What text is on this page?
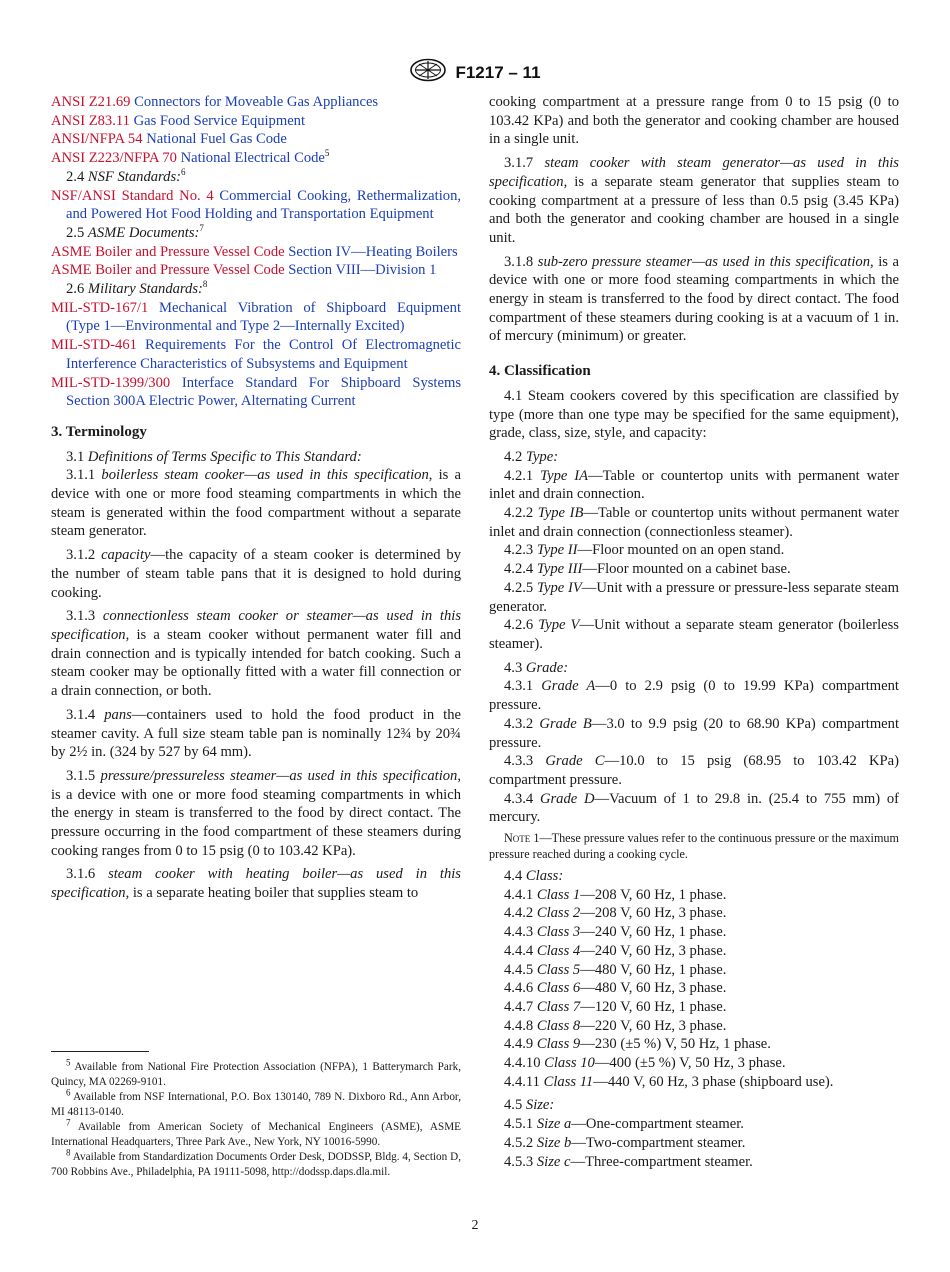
F1217 – 11

ANSI Z21.69 Connectors for Moveable Gas Appliances

ANSI Z83.11 Gas Food Service Equipment

ANSI/NFPA 54 National Fuel Gas Code

ANSI Z223/NFPA 70 National Electrical Code$^5$

2.4 NSF Standards:$^6$

NSF/ANSI Standard No. 4 Commercial Cooking, Rethermalization, and Powered Hot Food Holding and Transportation Equipment

2.5 ASME Documents:$^7$

ASME Boiler and Pressure Vessel Code Section IV—Heating Boilers

ASME Boiler and Pressure Vessel Code Section VIII—Division 1

2.6 Military Standards:$^8$

MIL-STD-167/1 Mechanical Vibration of Shipboard Equipment (Type 1—Environmental and Type 2—Internally Excited)

MIL-STD-461 Requirements For the Control Of Electromagnetic Interference Characteristics of Subsystems and Equipment

MIL-STD-1399/300 Interface Standard For Shipboard Systems Section 300A Electric Power, Alternating Current

3. Terminology

3.1 Definitions of Terms Specific to This Standard:

3.1.1 boilerless steam cooker—as used in this specification, is a device with one or more food steaming compartments in which the steam is generated within the food compartment without a separate steam generator.

3.1.2 capacity—the capacity of a steam cooker is determined by the number of steam table pans that it is designed to hold during cooking.

3.1.3 connectionless steam cooker or steamer—as used in this specification, is a steam cooker without permanent water fill and drain connection and is typically intended for batch cooking. Such a steam cooker may be optionally fitted with a water fill connection or a drain connection, or both.

3.1.4 pans—containers used to hold the food product in the steamer cavity. A full size steam table pan is nominally 12¾ by 20¾ by 2½ in. (324 by 527 by 64 mm).

3.1.5 pressure/pressureless steamer—as used in this specification, is a device with one or more food steaming compartments in which the energy in steam is transferred to the food by direct contact. The pressure occurring in the food compartment of these steamers during cooking ranges from 0 to 15 psig (0 to 103.42 KPa).

3.1.6 steam cooker with heating boiler—as used in this specification, is a separate heating boiler that supplies steam to

$^5$ Available from National Fire Protection Association (NFPA), 1 Batterymarch Park, Quincy, MA 02269-9101.

$^6$ Available from NSF International, P.O. Box 130140, 789 N. Dixboro Rd., Ann Arbor, MI 48113-0140.

$^7$ Available from American Society of Mechanical Engineers (ASME), ASME International Headquarters, Three Park Ave., New York, NY 10016-5990.

$^8$ Available from Standardization Documents Order Desk, DODSSP, Bldg. 4, Section D, 700 Robbins Ave., Philadelphia, PA 19111-5098, http://dodssp.daps.dla.mil.

cooking compartment at a pressure range from 0 to 15 psig (0 to 103.42 KPa) and both the generator and cooking chamber are housed in a single unit.

3.1.7 steam cooker with steam generator—as used in this specification, is a separate steam generator that supplies steam to cooking compartment at a pressure of less than 0.5 psig (3.45 KPa) and both the generator and cooking chamber are housed in a single unit.

3.1.8 sub-zero pressure steamer—as used in this specification, is a device with one or more food steaming compartments in which the energy in steam is transferred to the food by direct contact. The food compartment of these steamers during cooking is at a vacuum of 1 in. of mercury (minimum) or greater.

4. Classification

4.1 Steam cookers covered by this specification are classified by type (more than one type may be specified for the same equipment), grade, class, size, style, and capacity:

4.2 Type:

4.2.1 Type IA—Table or countertop units with permanent water inlet and drain connection.

4.2.2 Type IB—Table or countertop units without permanent water inlet and drain connection (connectionless steamer).

4.2.3 Type II—Floor mounted on an open stand.

4.2.4 Type III—Floor mounted on a cabinet base.

4.2.5 Type IV—Unit with a pressure or pressure-less separate steam generator.

4.2.6 Type V—Unit without a separate steam generator (boilerless steamer).

4.3 Grade:

4.3.1 Grade A—0 to 2.9 psig (0 to 19.99 KPa) compartment pressure.

4.3.2 Grade B—3.0 to 9.9 psig (20 to 68.90 KPa) compartment pressure.

4.3.3 Grade C—10.0 to 15 psig (68.95 to 103.42 KPa) compartment pressure.

4.3.4 Grade D—Vacuum of 1 to 29.8 in. (25.4 to 755 mm) of mercury.

Note 1—These pressure values refer to the continuous pressure or the maximum pressure reached during a cooking cycle.

4.4 Class:

4.4.1 Class 1—208 V, 60 Hz, 1 phase.

4.4.2 Class 2—208 V, 60 Hz, 3 phase.

4.4.3 Class 3—240 V, 60 Hz, 1 phase.

4.4.4 Class 4—240 V, 60 Hz, 3 phase.

4.4.5 Class 5—480 V, 60 Hz, 1 phase.

4.4.6 Class 6—480 V, 60 Hz, 3 phase.

4.4.7 Class 7—120 V, 60 Hz, 1 phase.

4.4.8 Class 8—220 V, 60 Hz, 3 phase.

4.4.9 Class 9—230 (±5 %) V, 50 Hz, 1 phase.

4.4.10 Class 10—400 (±5 %) V, 50 Hz, 3 phase.

4.4.11 Class 11—440 V, 60 Hz, 3 phase (shipboard use).

4.5 Size:

4.5.1 Size a—One-compartment steamer.

4.5.2 Size b—Two-compartment steamer.

4.5.3 Size c—Three-compartment steamer.

2
